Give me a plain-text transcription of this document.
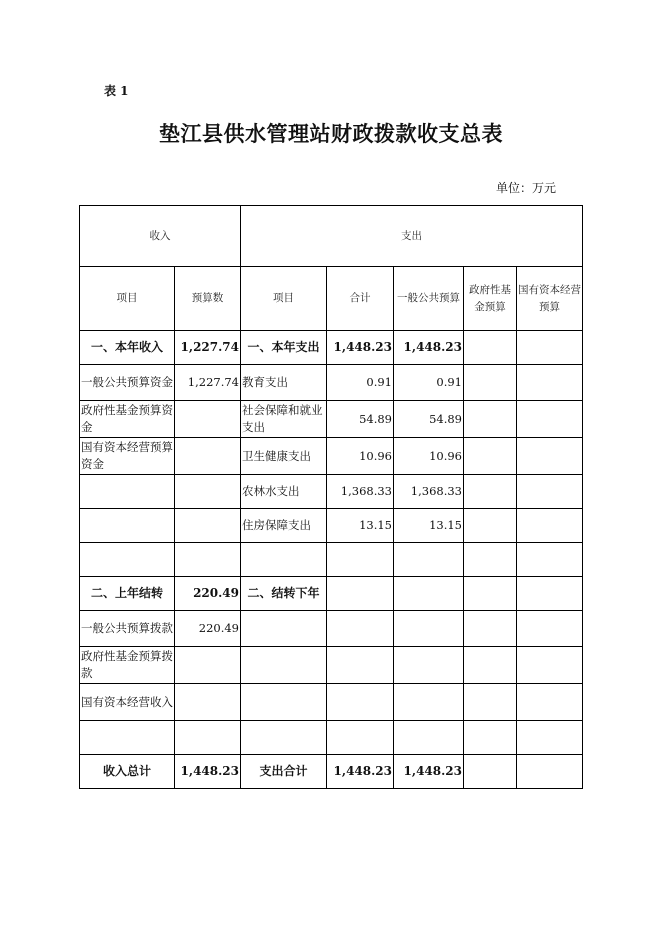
表 1
垫江县供水管理站财政拨款收支总表
单位：万元
收入		支出				
项目	预算数	项目	合计	一般公共预算	政府性基金预算	国有资本经营预算
一、本年收入	1,227.74	一、本年支出	1,448.23	1,448.23		
一般公共预算资金	1,227.74	教育支出	0.91	0.91		
政府性基金预算资金		社会保障和就业支出	54.89	54.89		
国有资本经营预算资金		卫生健康支出	10.96	10.96		
		农林水支出	1,368.33	1,368.33		
		住房保障支出	13.15	13.15		

二、上年结转	220.49	二、结转下年				
一般公共预算拨款	220.49					
政府性基金预算拨款						
国有资本经营收入						

收入总计	1,448.23	支出合计	1,448.23	1,448.23		
